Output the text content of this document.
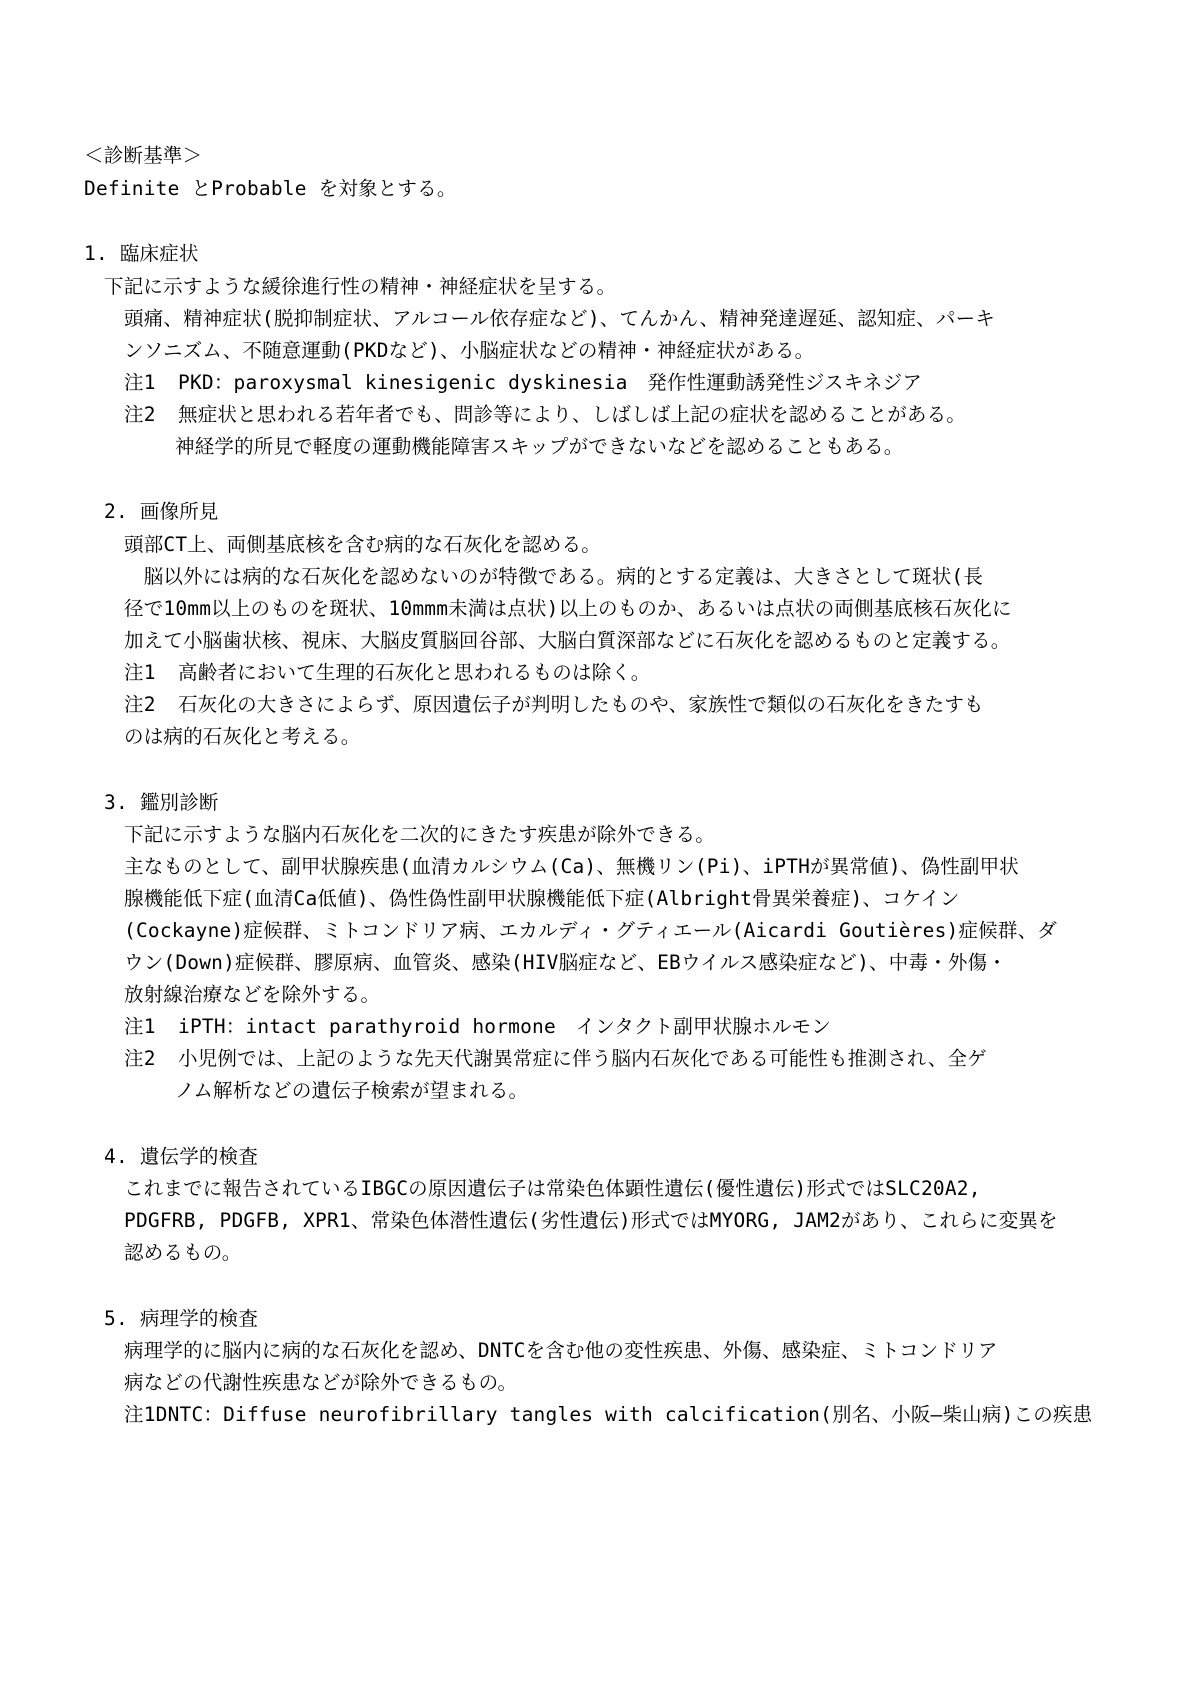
＜診断基準＞
Definite とProbable を対象とする。
1. 臨床症状
下記に示すような緩徐進行性の精神・神経症状を呈する。
頭痛、精神症状(脱抑制症状、アルコール依存症など)、てんかん、精神発達遅延、認知症、パーキ
ンソニズム、不随意運動(PKDなど)、小脳症状などの精神・神経症状がある。
注1 PKD：paroxysmal kinesigenic dyskinesia　発作性運動誘発性ジスキネジア
注2 無症状と思われる若年者でも、問診等により、しばしば上記の症状を認めることがある。
神経学的所見で軽度の運動機能障害スキップができないなどを認めることもある。
2. 画像所見
頭部CT上、両側基底核を含む病的な石灰化を認める。
　脳以外には病的な石灰化を認めないのが特徴である。病的とする定義は、大きさとして斑状(長
径で10mm以上のものを斑状、10mmm未満は点状)以上のものか、あるいは点状の両側基底核石灰化に
加えて小脳歯状核、視床、大脳皮質脳回谷部、大脳白質深部などに石灰化を認めるものと定義する。
注1 高齢者において生理的石灰化と思われるものは除く。
注2 石灰化の大きさによらず、原因遺伝子が判明したものや、家族性で類似の石灰化をきたすも
のは病的石灰化と考える。
3. 鑑別診断
下記に示すような脳内石灰化を二次的にきたす疾患が除外できる。
主なものとして、副甲状腺疾患(血清カルシウム(Ca)、無機リン(Pi)、iPTHが異常値)、偽性副甲状
腺機能低下症(血清Ca低値)、偽性偽性副甲状腺機能低下症(Albright骨異栄養症)、コケイン
(Cockayne)症候群、ミトコンドリア病、エカルディ・グティエール(Aicardi Goutières)症候群、ダ
ウン(Down)症候群、膠原病、血管炎、感染(HIV脳症など、EBウイルス感染症など)、中毒・外傷・
放射線治療などを除外する。
注1 iPTH：intact parathyroid hormone　インタクト副甲状腺ホルモン
注2 小児例では、上記のような先天代謝異常症に伴う脳内石灰化である可能性も推測され、全ゲ
ノム解析などの遺伝子検索が望まれる。
4. 遺伝学的検査
これまでに報告されているIBGCの原因遺伝子は常染色体顕性遺伝(優性遺伝)形式ではSLC20A2,
PDGFRB, PDGFB, XPR1、常染色体潜性遺伝(劣性遺伝)形式ではMYORG, JAM2があり、これらに変異を
認めるもの。
5. 病理学的検査
病理学的に脳内に病的な石灰化を認め、DNTCを含む他の変性疾患、外傷、感染症、ミトコンドリア
病などの代謝性疾患などが除外できるもの。
注1DNTC：Diffuse neurofibrillary tangles with calcification(別名、小阪―柴山病)この疾患
